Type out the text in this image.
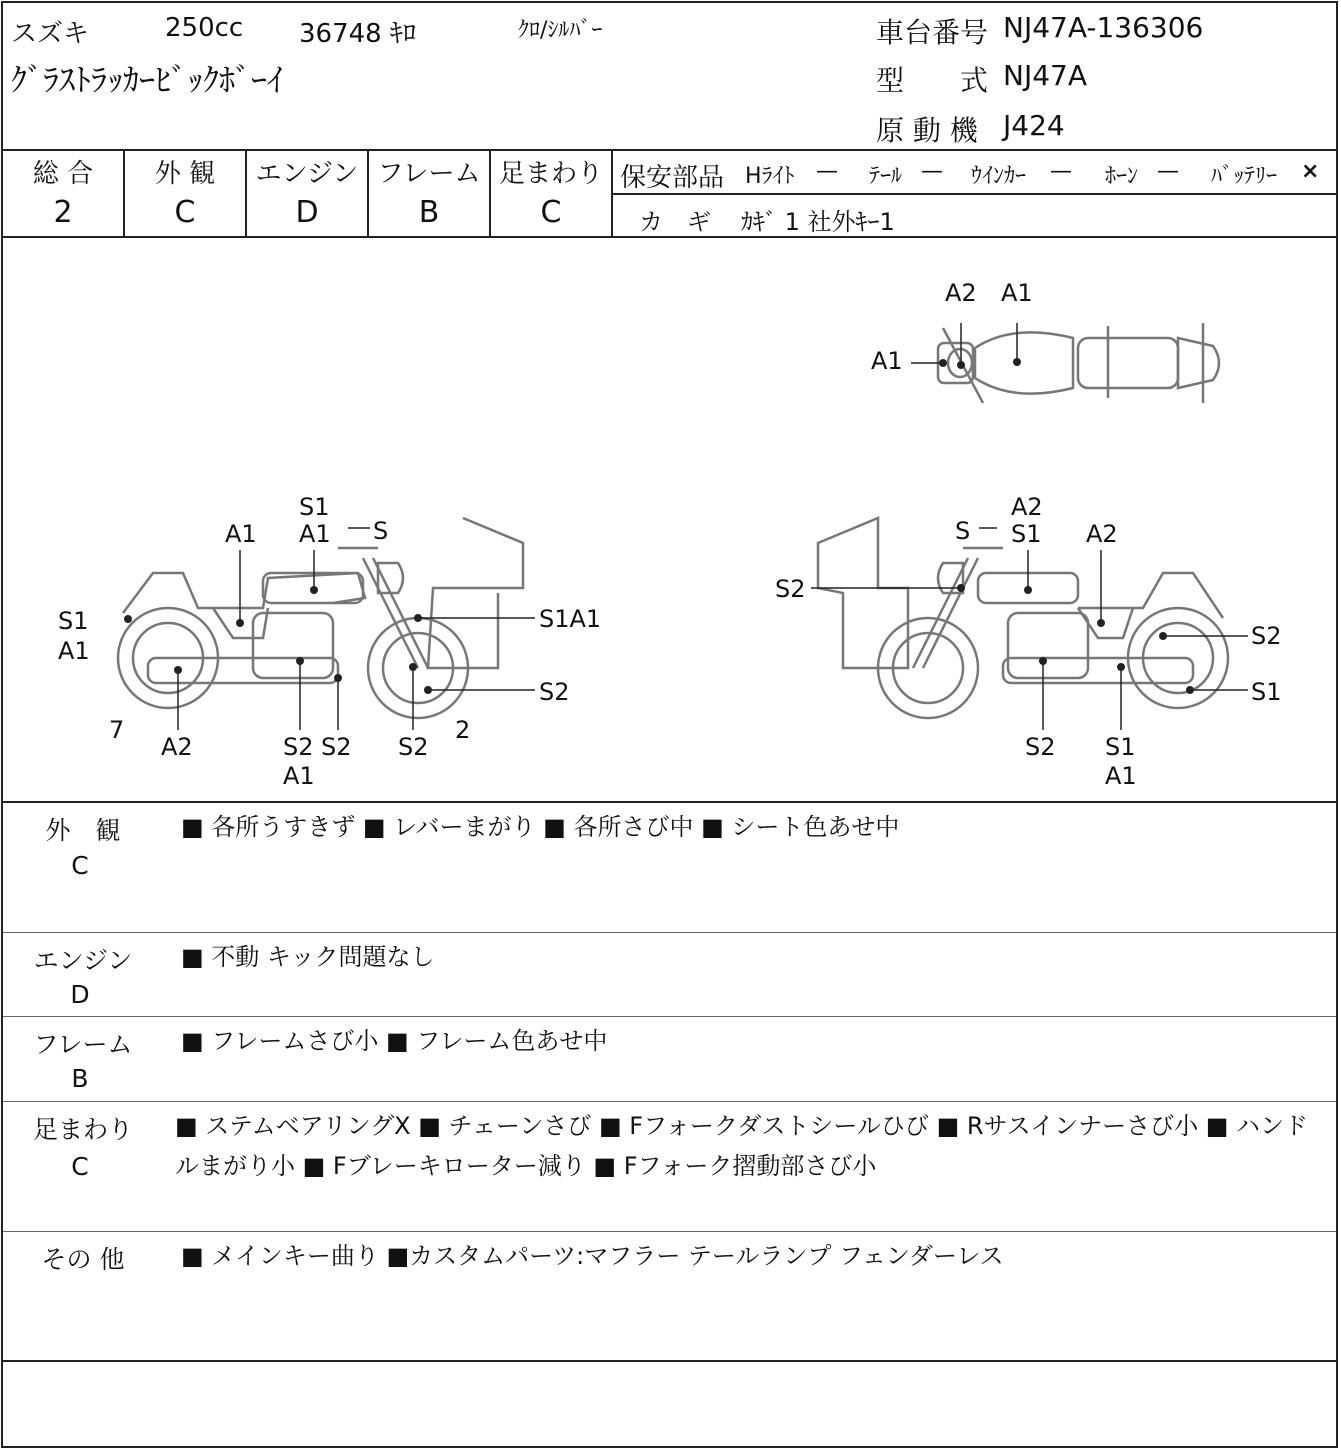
スズキ	250cc 36748 ｷﾛ	ｸﾛ/ｼﾙﾊﾞｰ
ｸﾞﾗｽﾄﾗｯｶｰﾋﾞｯｸﾎﾞｰｲ
車台番号 NJ47A-136306
型　　式 NJ47A
原 動 機 J424
総 合
2
外 観
C
エンジン
D
フレーム
B
足まわり
C
保安部品 Hﾗｲﾄ — ﾃｰﾙ — ｳｲﾝｶｰ — ﾎｰﾝ — ﾊﾞｯﾃﾘｰ ×
カ　ギ ｶｷﾞ 1 社外ｷｰ1
A2 A1
A1
S1
A1	S
A1
S1
A1
S1A1
S2
7
A2	S2 S2
A1
S2
2
A2
S S1 A2
S2
S2
S1
S2 S1
A1
外　観
C
■ 各所うすきず ■ レバーまがり ■ 各所さび中 ■ シート色あせ中
エンジン
D
■ 不動 キック問題なし
フレーム
B
■ フレームさび小 ■ フレーム色あせ中
足まわり
C
■ ステムベアリングX ■ チェーンさび ■ Fフォークダストシールひび ■ Rサスインナーさび小 ■ ハンドルまがり小 ■ Fブレーキローター減り ■ Fフォーク摺動部さび小
その 他	■ メインキー曲り ■カスタムパーツ:マフラー テールランプ フェンダーレス
